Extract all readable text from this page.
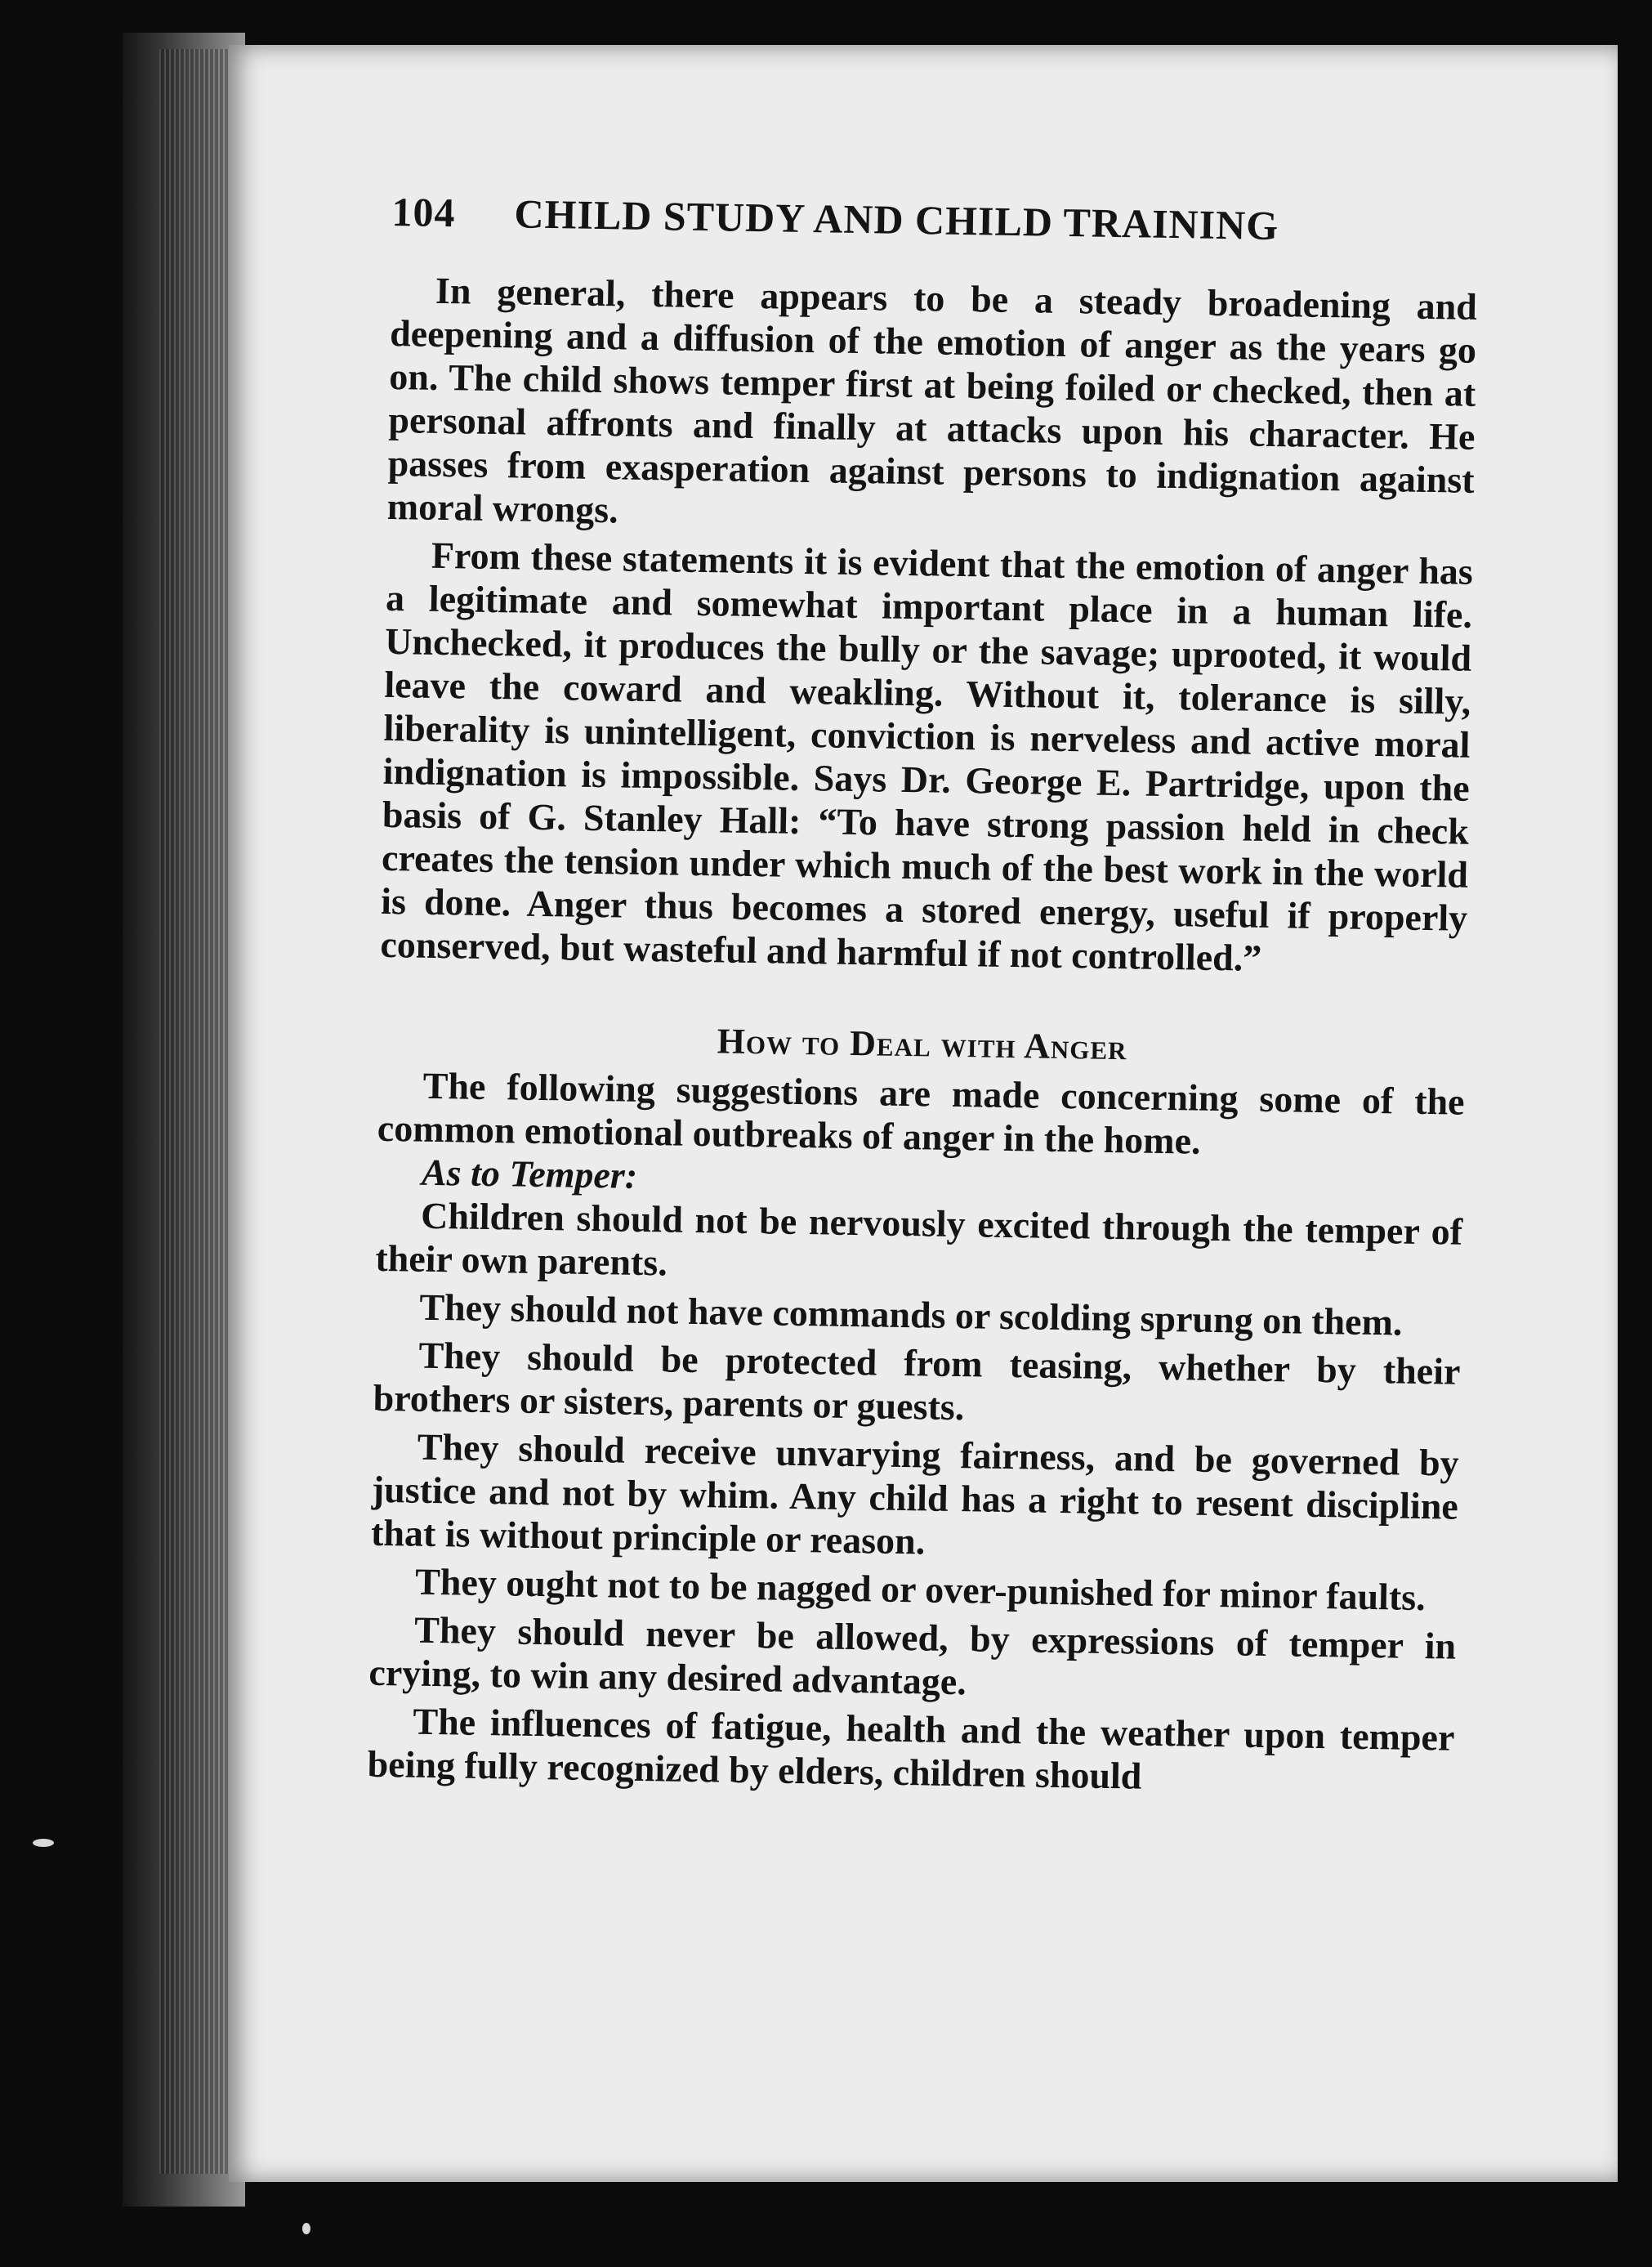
104	CHILD STUDY AND CHILD TRAINING

In general, there appears to be a steady broadening and deepening and a diffusion of the emotion of anger as the years go on. The child shows temper first at being foiled or checked, then at personal affronts and finally at attacks upon his character. He passes from exasperation against persons to indignation against moral wrongs.

From these statements it is evident that the emotion of anger has a legitimate and somewhat important place in a human life. Unchecked, it produces the bully or the savage; uprooted, it would leave the coward and weakling. Without it, tolerance is silly, liberality is unintelligent, conviction is nerveless and active moral indignation is impossible. Says Dr. George E. Partridge, upon the basis of G. Stanley Hall: “To have strong passion held in check creates the tension under which much of the best work in the world is done. Anger thus becomes a stored energy, useful if properly conserved, but wasteful and harmful if not controlled.”

How to Deal with Anger

The following suggestions are made concerning some of the common emotional outbreaks of anger in the home.

As to Temper:

Children should not be nervously excited through the temper of their own parents.

They should not have commands or scolding sprung on them.

They should be protected from teasing, whether by their brothers or sisters, parents or guests.

They should receive unvarying fairness, and be governed by justice and not by whim. Any child has a right to resent discipline that is without principle or reason.

They ought not to be nagged or over-punished for minor faults.

They should never be allowed, by expressions of temper in crying, to win any desired advantage.

The influences of fatigue, health and the weather upon temper being fully recognized by elders, children should
